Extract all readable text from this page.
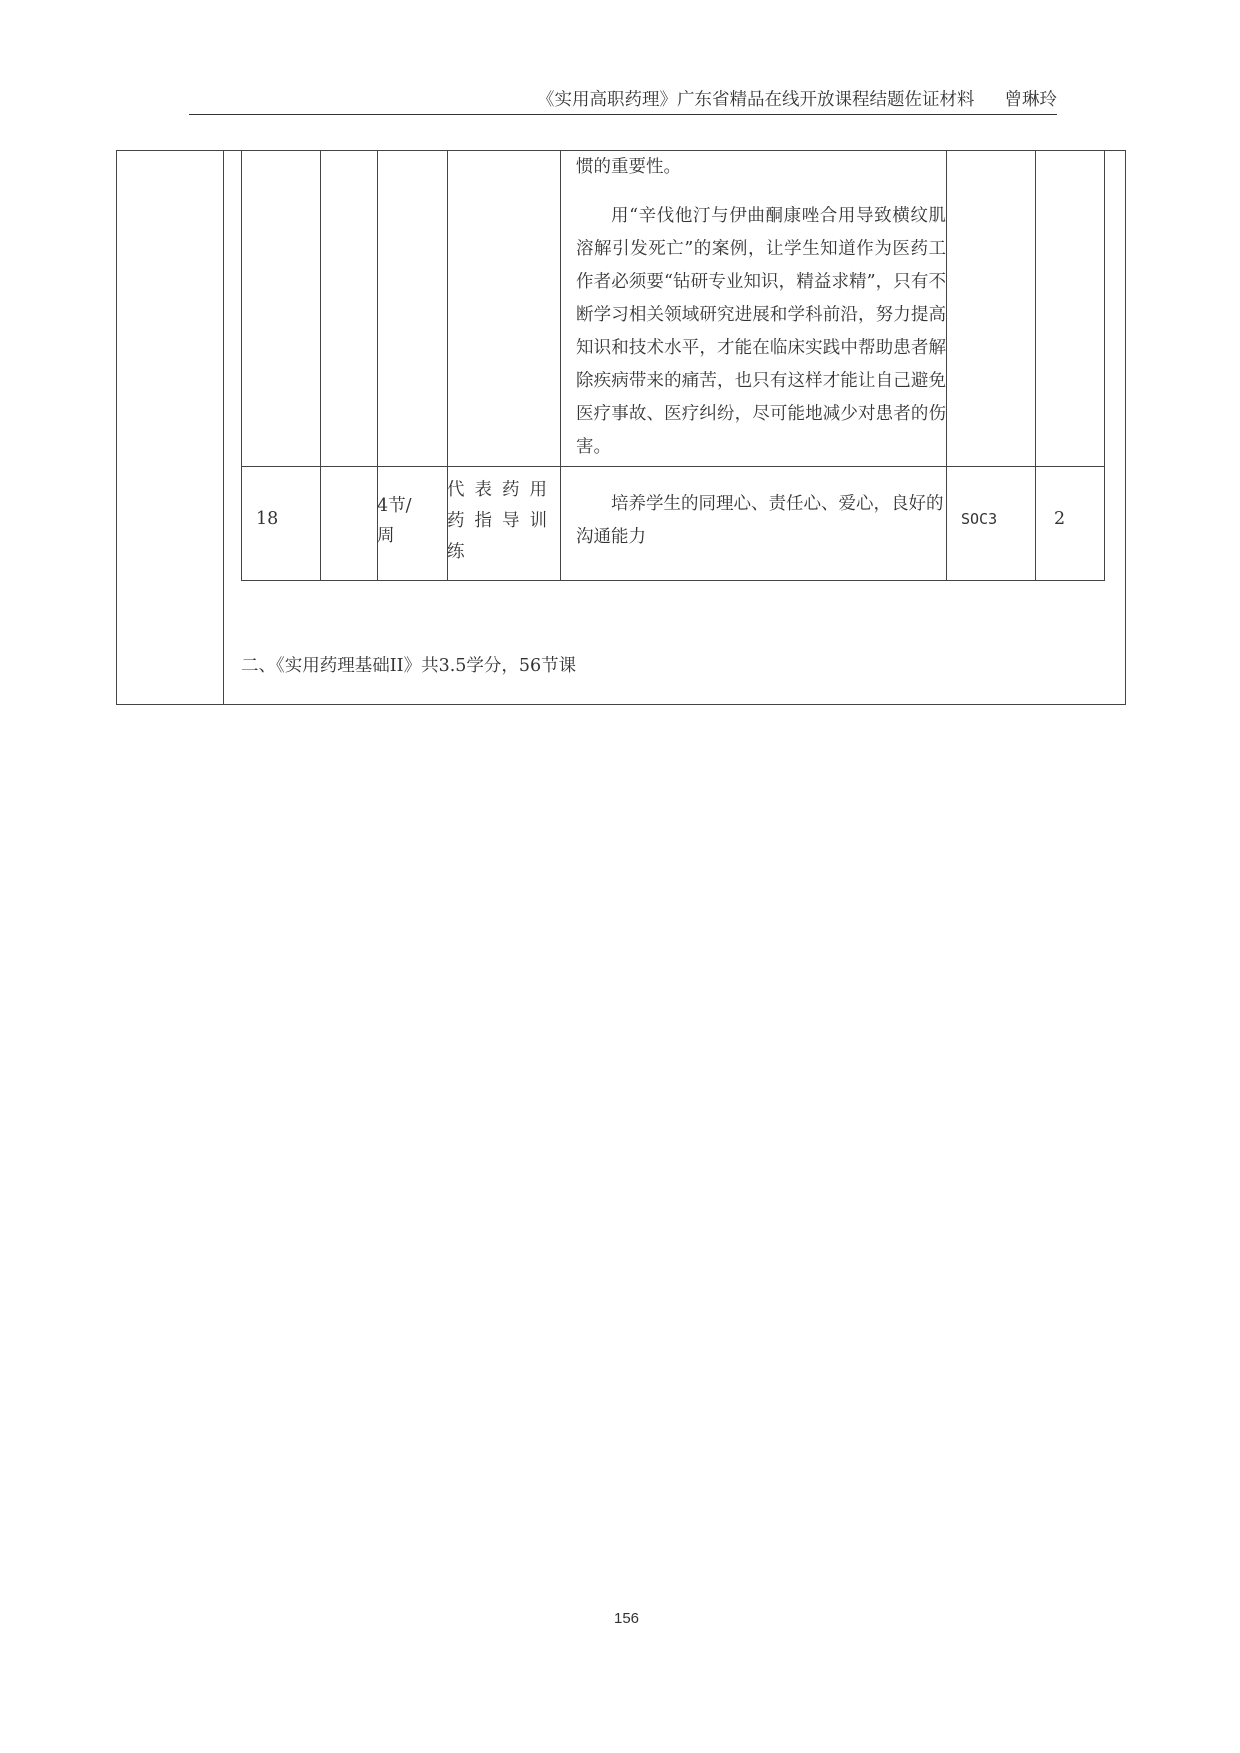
《实用高职药理》广东省精品在线开放课程结题佐证材料 曾琳玲

惯的重要性。

用“辛伐他汀与伊曲酮康唑合用导致横纹肌溶解引发死亡”的案例，让学生知道作为医药工作者必须要“钻研专业知识，精益求精”，只有不断学习相关领域研究进展和学科前沿，努力提高知识和技术水平，才能在临床实践中帮助患者解除疾病带来的痛苦，也只有这样才能让自己避免医疗事故、医疗纠纷，尽可能地减少对患者的伤害。

18
4节/
周
代表药用
药指导训
练
培养学生的同理心、责任心、爱心，良好的沟通能力
SOC3	2
二、《实用药理基础II》共3.5学分，56节课
156
